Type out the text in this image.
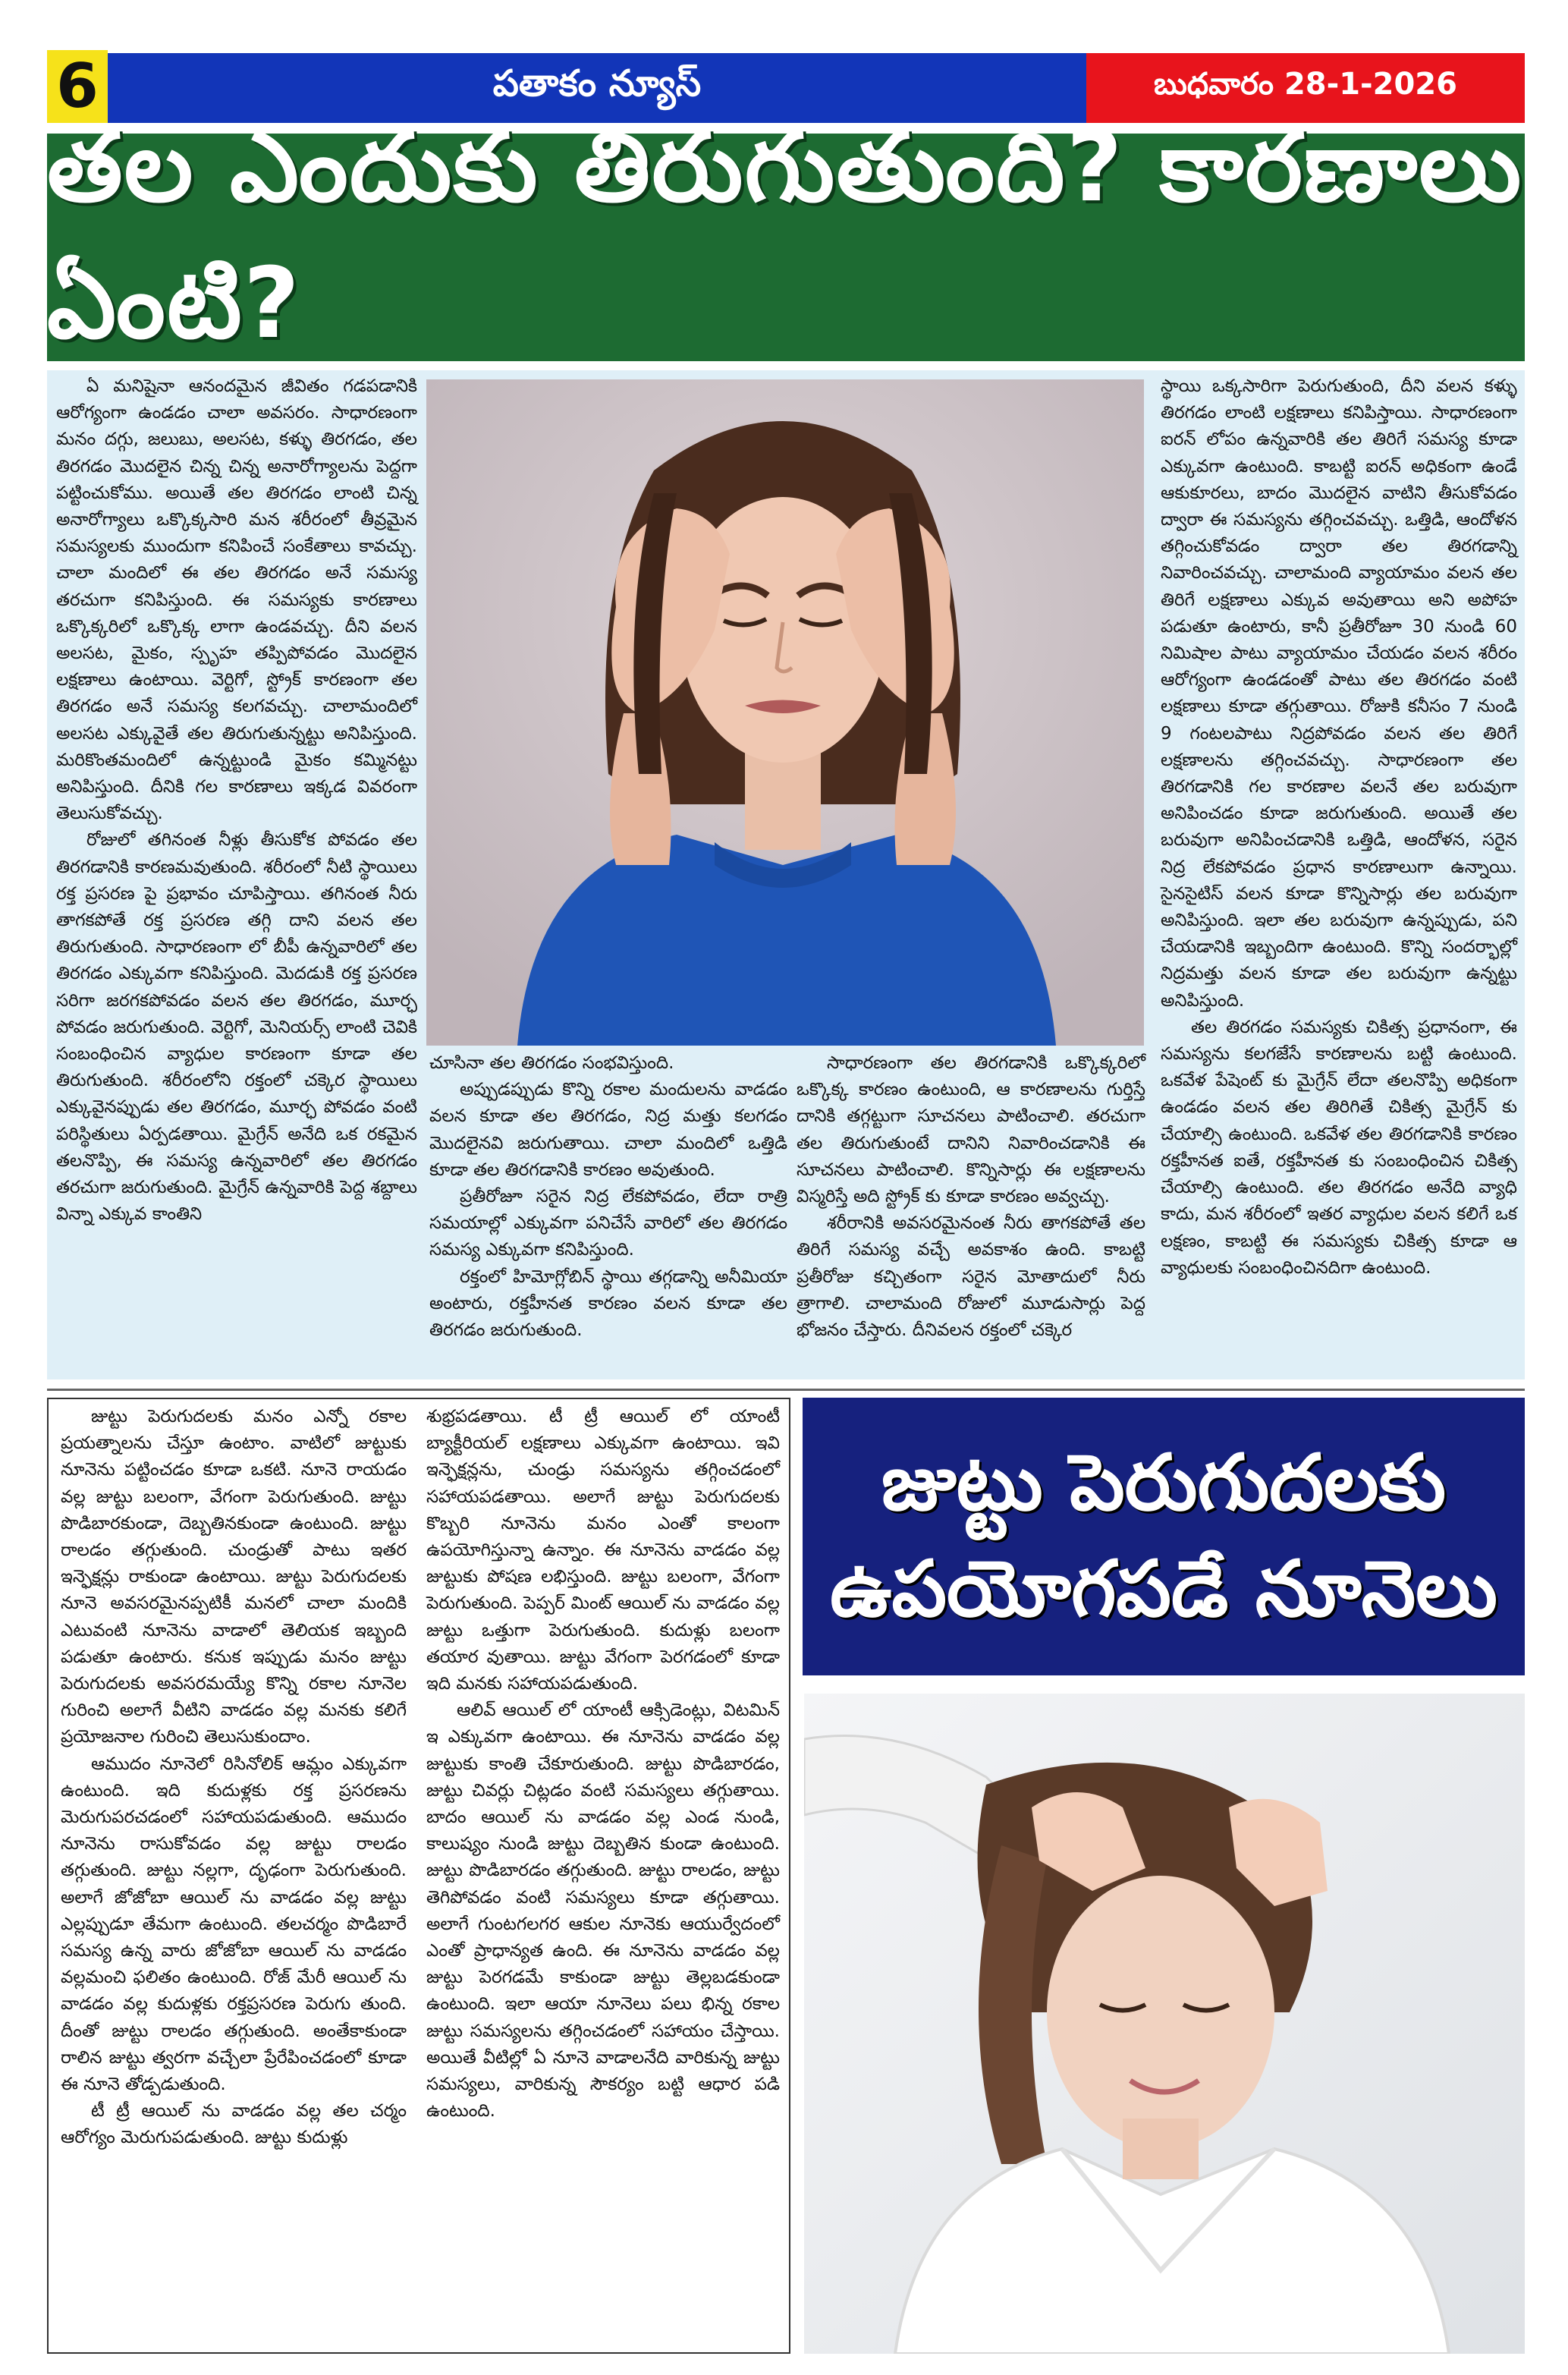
6	పతాకం న్యూస్	బుధవారం 28-1-2026
తల ఎందుకు తిరుగుతుంది? కారణాలు ఏంటి?

ఏ మనిషైనా ఆనందమైన జీవితం గడపడానికి ఆరోగ్యంగా ఉండడం చాలా అవసరం. సాధారణంగా మనం దగ్గు, జలుబు, అలసట, కళ్ళు తిరగడం, తల తిరగడం మొదలైన చిన్న చిన్న అనారోగ్యాలను పెద్దగా పట్టించుకోము. అయితే తల తిరగడం లాంటి చిన్న అనారోగ్యాలు ఒక్కొక్కసారి మన శరీరంలో తీవ్రమైన సమస్యలకు ముందుగా కనిపించే సంకేతాలు కావచ్చు. చాలా మందిలో ఈ తల తిరగడం అనే సమస్య తరచుగా కనిపిస్తుంది. ఈ సమస్యకు కారణాలు ఒక్కొక్కరిలో ఒక్కొక్క లాగా ఉండవచ్చు. దీని వలన అలసట, మైకం, స్పృహ తప్పిపోవడం మొదలైన లక్షణాలు ఉంటాయి. వెర్టిగో, స్ట్రోక్ కారణంగా తల తిరగడం అనే సమస్య కలగవచ్చు. చాలామందిలో అలసట ఎక్కువైతే తల తిరుగుతున్నట్టు అనిపిస్తుంది. మరికొంతమందిలో ఉన్నట్టుండి మైకం కమ్మినట్టు అనిపిస్తుంది. దీనికి గల కారణాలు ఇక్కడ వివరంగా తెలుసుకోవచ్చు.

రోజులో తగినంత నీళ్లు తీసుకోక పోవడం తల తిరగడానికి కారణమవుతుంది. శరీరంలో నీటి స్థాయిలు రక్త ప్రసరణ పై ప్రభావం చూపిస్తాయి. తగినంత నీరు తాగకపోతే రక్త ప్రసరణ తగ్గి దాని వలన తల తిరుగుతుంది. సాధారణంగా లో బీపీ ఉన్నవారిలో తల తిరగడం ఎక్కువగా కనిపిస్తుంది. మెదడుకి రక్త ప్రసరణ సరిగా జరగకపోవడం వలన తల తిరగడం, మూర్ఛ పోవడం జరుగుతుంది. వెర్టిగో, మెనియర్స్ లాంటి చెవికి సంబంధించిన వ్యాధుల కారణంగా కూడా తల తిరుగుతుంది. శరీరంలోని రక్తంలో చక్కెర స్థాయిలు ఎక్కువైనప్పుడు తల తిరగడం, మూర్ఛ పోవడం వంటి పరిస్థితులు ఏర్పడతాయి. మైగ్రేన్ అనేది ఒక రకమైన తలనొప్పి, ఈ సమస్య ఉన్నవారిలో తల తిరగడం తరచుగా జరుగుతుంది. మైగ్రేన్ ఉన్నవారికి పెద్ద శబ్దాలు విన్నా ఎక్కువ కాంతిని

చూసినా తల తిరగడం సంభవిస్తుంది.

అప్పుడప్పుడు కొన్ని రకాల మందులను వాడడం వలన కూడా తల తిరగడం, నిద్ర మత్తు కలగడం మొదలైనవి జరుగుతాయి. చాలా మందిలో ఒత్తిడి కూడా తల తిరగడానికి కారణం అవుతుంది.

ప్రతీరోజూ సరైన నిద్ర లేకపోవడం, లేదా రాత్రి సమయాల్లో ఎక్కువగా పనిచేసే వారిలో తల తిరగడం సమస్య ఎక్కువగా కనిపిస్తుంది.

రక్తంలో హిమోగ్లోబిన్ స్థాయి తగ్గడాన్ని అనీమియా అంటారు, రక్తహీనత కారణం వలన కూడా తల తిరగడం జరుగుతుంది.

సాధారణంగా తల తిరగడానికి ఒక్కొక్కరిలో ఒక్కొక్క కారణం ఉంటుంది, ఆ కారణాలను గుర్తిస్తే దానికి తగ్గట్టుగా సూచనలు పాటించాలి. తరచుగా తల తిరుగుతుంటే దానిని నివారించడానికి ఈ సూచనలు పాటించాలి. కొన్నిసార్లు ఈ లక్షణాలను విస్మరిస్తే అది స్ట్రోక్ కు కూడా కారణం అవ్వచ్చు.

శరీరానికి అవసరమైనంత నీరు తాగకపోతే తల తిరిగే సమస్య వచ్చే అవకాశం ఉంది. కాబట్టి ప్రతీరోజు కచ్చితంగా సరైన మోతాదులో నీరు త్రాగాలి. చాలామంది రోజులో మూడుసార్లు పెద్ద భోజనం చేస్తారు. దీనివలన రక్తంలో చక్కెర

స్థాయి ఒక్కసారిగా పెరుగుతుంది, దీని వలన కళ్ళు తిరగడం లాంటి లక్షణాలు కనిపిస్తాయి. సాధారణంగా ఐరన్ లోపం ఉన్నవారికి తల తిరిగే సమస్య కూడా ఎక్కువగా ఉంటుంది. కాబట్టి ఐరన్ అధికంగా ఉండే ఆకుకూరలు, బాదం మొదలైన వాటిని తీసుకోవడం ద్వారా ఈ సమస్యను తగ్గించవచ్చు. ఒత్తిడి, ఆందోళన తగ్గించుకోవడం ద్వారా తల తిరగడాన్ని నివారించవచ్చు. చాలామంది వ్యాయామం వలన తల తిరిగే లక్షణాలు ఎక్కువ అవుతాయి అని అపోహ పడుతూ ఉంటారు, కానీ ప్రతీరోజూ 30 నుండి 60 నిమిషాల పాటు వ్యాయామం చేయడం వలన శరీరం ఆరోగ్యంగా ఉండడంతో పాటు తల తిరగడం వంటి లక్షణాలు కూడా తగ్గుతాయి. రోజుకి కనీసం 7 నుండి 9 గంటలపాటు నిద్రపోవడం వలన తల తిరిగే లక్షణాలను తగ్గించవచ్చు. సాధారణంగా తల తిరగడానికి గల కారణాల వలనే తల బరువుగా అనిపించడం కూడా జరుగుతుంది. అయితే తల బరువుగా అనిపించడానికి ఒత్తిడి, ఆందోళన, సరైన నిద్ర లేకపోవడం ప్రధాన కారణాలుగా ఉన్నాయి. సైనసైటిస్ వలన కూడా కొన్నిసార్లు తల బరువుగా అనిపిస్తుంది. ఇలా తల బరువుగా ఉన్నప్పుడు, పని చేయడానికి ఇబ్బందిగా ఉంటుంది. కొన్ని సందర్భాల్లో నిద్రమత్తు వలన కూడా తల బరువుగా ఉన్నట్టు అనిపిస్తుంది.

తల తిరగడం సమస్యకు చికిత్స ప్రధానంగా, ఈ సమస్యను కలగజేసే కారణాలను బట్టి ఉంటుంది. ఒకవేళ పేషెంట్ కు మైగ్రేన్ లేదా తలనొప్పి అధికంగా ఉండడం వలన తల తిరిగితే చికిత్స మైగ్రేన్ కు చేయాల్సి ఉంటుంది. ఒకవేళ తల తిరగడానికి కారణం రక్తహీనత ఐతే, రక్తహీనత కు సంబంధించిన చికిత్స చేయాల్సి ఉంటుంది. తల తిరగడం అనేది వ్యాధి కాదు, మన శరీరంలో ఇతర వ్యాధుల వలన కలిగే ఒక లక్షణం, కాబట్టి ఈ సమస్యకు చికిత్స కూడా ఆ వ్యాధులకు సంబంధించినదిగా ఉంటుంది.

జుట్టు పెరుగుదలకు మనం ఎన్నో రకాల ప్రయత్నాలను చేస్తూ ఉంటాం. వాటిలో జుట్టుకు నూనెను పట్టించడం కూడా ఒకటి. నూనె రాయడం వల్ల జుట్టు బలంగా, వేగంగా పెరుగుతుంది. జుట్టు పొడిబారకుండా, దెబ్బతినకుండా ఉంటుంది. జుట్టు రాలడం తగ్గుతుంది. చుండ్రుతో పాటు ఇతర ఇన్ఫెక్షన్లు రాకుండా ఉంటాయి. జుట్టు పెరుగుదలకు నూనె అవసరమైనప్పటికీ మనలో చాలా మందికి ఎటువంటి నూనెను వాడాలో తెలియక ఇబ్బంది పడుతూ ఉంటారు. కనుక ఇప్పుడు మనం జుట్టు పెరుగుదలకు అవసరమయ్యే కొన్ని రకాల నూనెల గురించి అలాగే వీటిని వాడడం వల్ల మనకు కలిగే ప్రయోజనాల గురించి తెలుసుకుందాం.

ఆముదం నూనెలో రిసినోలిక్ ఆమ్లం ఎక్కువగా ఉంటుంది. ఇది కుదుళ్లకు రక్త ప్రసరణను మెరుగుపరచడంలో సహాయపడుతుంది. ఆముదం నూనెను రాసుకోవడం వల్ల జుట్టు రాలడం తగ్గుతుంది. జుట్టు నల్లగా, దృఢంగా పెరుగుతుంది. అలాగే జోజోబా ఆయిల్ ను వాడడం వల్ల జుట్టు ఎల్లప్పుడూ తేమగా ఉంటుంది. తలచర్మం పొడిబారే సమస్య ఉన్న వారు జోజోబా ఆయిల్ ను వాడడం వల్లమంచి ఫలితం ఉంటుంది. రోజ్ మేరీ ఆయిల్ ను వాడడం వల్ల కుదుళ్లకు రక్తప్రసరణ పెరుగు తుంది. దీంతో జుట్టు రాలడం తగ్గుతుంది. అంతేకాకుండా రాలిన జుట్టు త్వరగా వచ్చేలా ప్రేరేపించడంలో కూడా ఈ నూనె తోడ్పడుతుంది.

టీ ట్రీ ఆయిల్ ను వాడడం వల్ల తల చర్మం ఆరోగ్యం మెరుగుపడుతుంది. జుట్టు కుదుళ్లు

శుభ్రపడతాయి. టీ ట్రీ ఆయిల్ లో యాంటీ బ్యాక్టీరియల్ లక్షణాలు ఎక్కువగా ఉంటాయి. ఇవి ఇన్ఫెక్షన్లను, చుండ్రు సమస్యను తగ్గించడంలో సహాయపడతాయి. అలాగే జుట్టు పెరుగుదలకు కొబ్బరి నూనెను మనం ఎంతో కాలంగా ఉపయోగిస్తున్నా ఉన్నాం. ఈ నూనెను వాడడం వల్ల జుట్టుకు పోషణ లభిస్తుంది. జుట్టు బలంగా, వేగంగా పెరుగుతుంది. పెప్పర్ మింట్ ఆయిల్ ను వాడడం వల్ల జుట్టు ఒత్తుగా పెరుగుతుంది. కుదుళ్లు బలంగా తయార వుతాయి. జుట్టు వేగంగా పెరగడంలో కూడా ఇది మనకు సహాయపడుతుంది.

ఆలివ్ ఆయిల్ లో యాంటీ ఆక్సిడెంట్లు, విటమిన్ ఇ ఎక్కువగా ఉంటాయి. ఈ నూనెను వాడడం వల్ల జుట్టుకు కాంతి చేకూరుతుంది. జుట్టు పొడిబారడం, జుట్టు చివర్లు చిట్లడం వంటి సమస్యలు తగ్గుతాయి. బాదం ఆయిల్ ను వాడడం వల్ల ఎండ నుండి, కాలుష్యం నుండి జుట్టు దెబ్బతిన కుండా ఉంటుంది. జుట్టు పొడిబారడం తగ్గుతుంది. జుట్టు రాలడం, జుట్టు తెగిపోవడం వంటి సమస్యలు కూడా తగ్గుతాయి. అలాగే గుంటగలగర ఆకుల నూనెకు ఆయుర్వేదంలో ఎంతో ప్రాధాన్యత ఉంది. ఈ నూనెను వాడడం వల్ల జుట్టు పెరగడమే కాకుండా జుట్టు తెల్లబడకుండా ఉంటుంది. ఇలా ఆయా నూనెలు పలు భిన్న రకాల జుట్టు సమస్యలను తగ్గించడంలో సహాయం చేస్తాయి. అయితే వీటిల్లో ఏ నూనె వాడాలనేది వారికున్న జుట్టు సమస్యలు, వారికున్న సౌకర్యం బట్టి ఆధార పడి ఉంటుంది.

జుట్టు పెరుగుదలకు
ఉపయోగపడే నూనెలు
